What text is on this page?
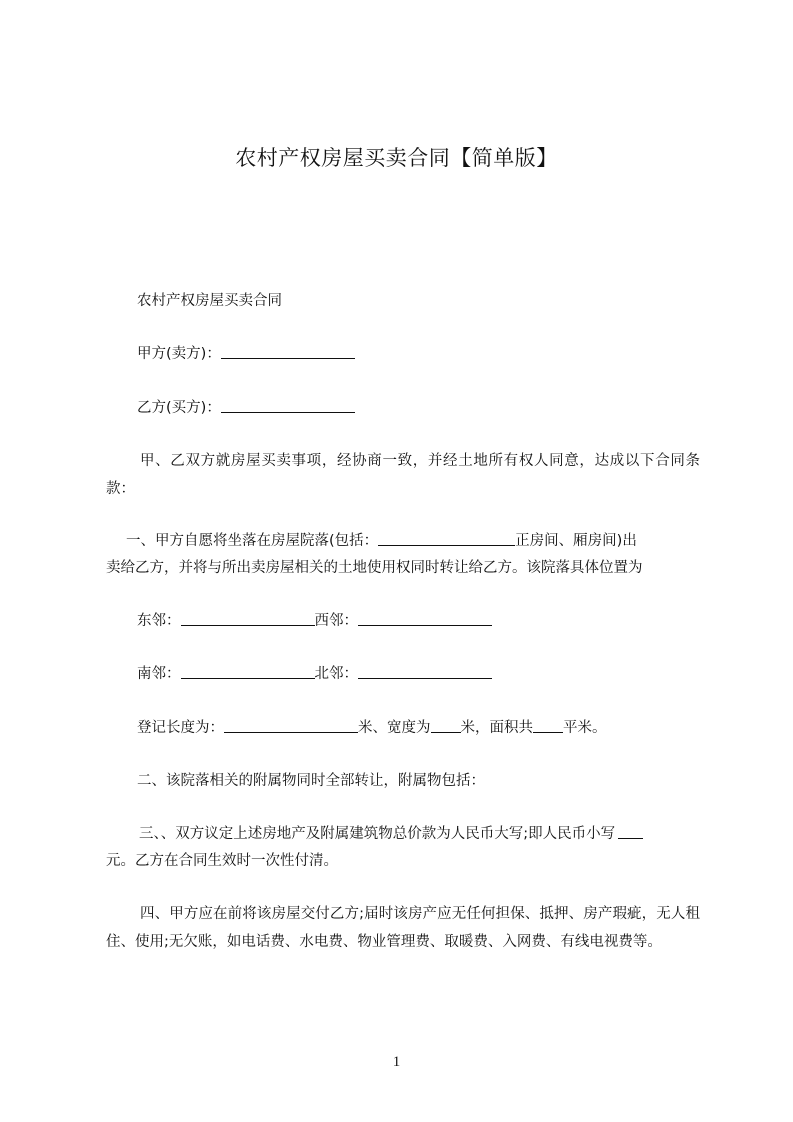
农村产权房屋买卖合同【简单版】

农村产权房屋买卖合同

甲方(卖方)：

乙方(买方)：

甲、乙双方就房屋买卖事项，经协商一致，并经土地所有权人同意，达成以下合同条款：

一、甲方自愿将坐落在房屋院落(包括：	正房间、厢房间)出

卖给乙方，并将与所出卖房屋相关的土地使用权同时转让给乙方。该院落具体位置为

东邻：	西邻：

南邻：	北邻：

登记长度为：	米、宽度为 米，面积共 平米。

二、该院落相关的附属物同时全部转让，附属物包括：

三、、双方议定上述房地产及附属建筑物总价款为人民币大写;即人民币小写

元。乙方在合同生效时一次性付清。

四、甲方应在前将该房屋交付乙方;届时该房产应无任何担保、抵押、房产瑕疵，无人租住、使用;无欠账，如电话费、水电费、物业管理费、取暖费、入网费、有线电视费等。

1
